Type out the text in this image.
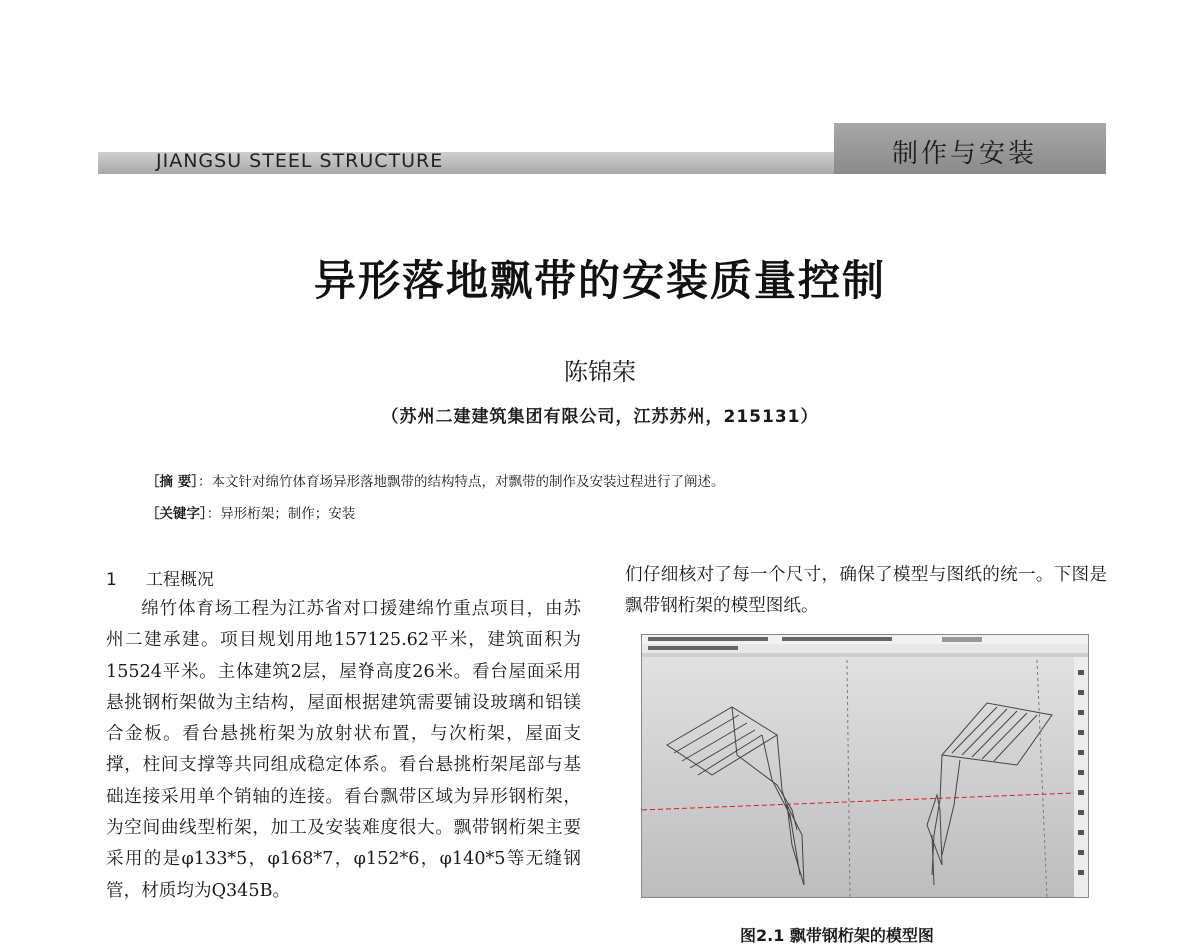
JIANGSU STEEL STRUCTURE	制作与安装
异形落地飘带的安装质量控制
陈锦荣
（苏州二建建筑集团有限公司，江苏苏州，215131）
［摘 要］：本文针对绵竹体育场异形落地飘带的结构特点，对飘带的制作及安装过程进行了阐述。
［关键字］：异形桁架；制作；安装
1 工程概况

绵竹体育场工程为江苏省对口援建绵竹重点项目，由苏州二建承建。项目规划用地157125.62平米，建筑面积为15524平米。主体建筑2层，屋脊高度26米。看台屋面采用悬挑钢桁架做为主结构，屋面根据建筑需要铺设玻璃和铝镁合金板。看台悬挑桁架为放射状布置，与次桁架，屋面支撑，柱间支撑等共同组成稳定体系。看台悬挑桁架尾部与基础连接采用单个销轴的连接。看台飘带区域为异形钢桁架，为空间曲线型桁架，加工及安装难度很大。飘带钢桁架主要采用的是φ133*5，φ168*7，φ152*6，φ140*5等无缝钢管，材质均为Q345B。

们仔细核对了每一个尺寸，确保了模型与图纸的统一。下图是飘带钢桁架的模型图纸。

图2.1 飘带钢桁架的模型图
